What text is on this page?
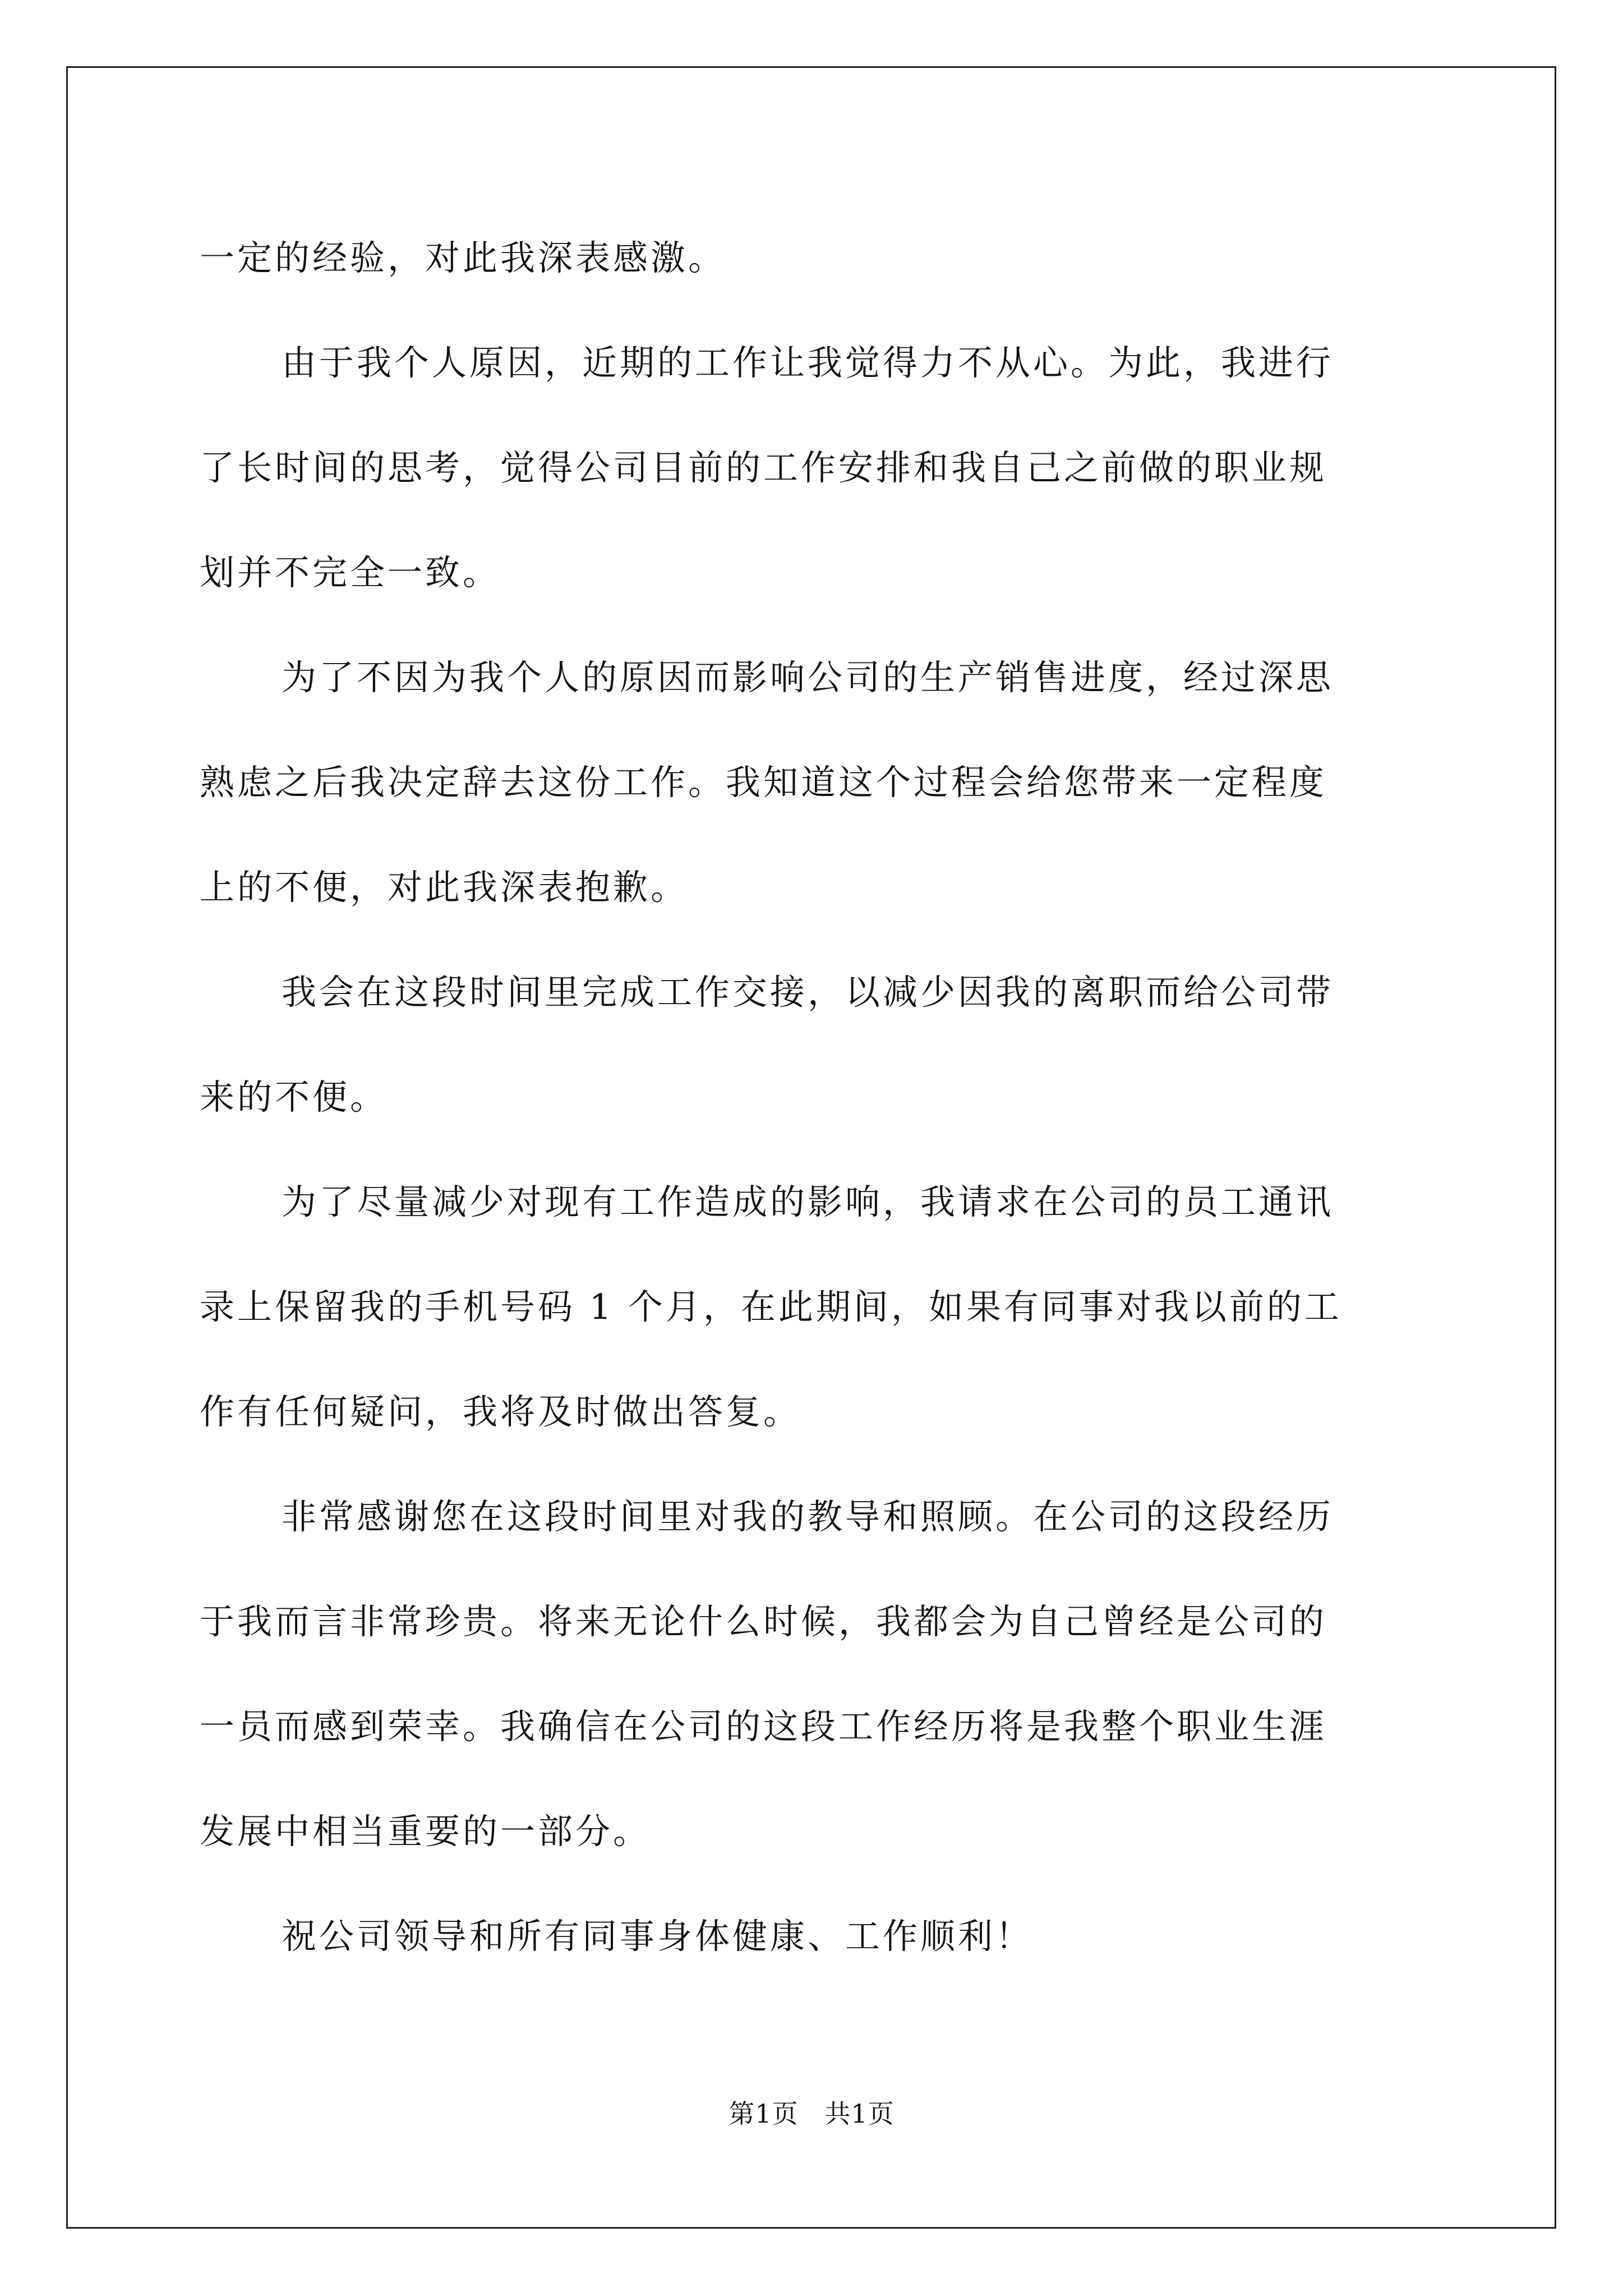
一定的经验，对此我深表感激。
由于我个人原因，近期的工作让我觉得力不从心。为此，我进行
了长时间的思考，觉得公司目前的工作安排和我自己之前做的职业规
划并不完全一致。
为了不因为我个人的原因而影响公司的生产销售进度，经过深思
熟虑之后我决定辞去这份工作。我知道这个过程会给您带来一定程度
上的不便，对此我深表抱歉。
我会在这段时间里完成工作交接，以减少因我的离职而给公司带
来的不便。
为了尽量减少对现有工作造成的影响，我请求在公司的员工通讯
录上保留我的手机号码 1 个月，在此期间，如果有同事对我以前的工
作有任何疑问，我将及时做出答复。
非常感谢您在这段时间里对我的教导和照顾。在公司的这段经历
于我而言非常珍贵。将来无论什么时候，我都会为自己曾经是公司的
一员而感到荣幸。我确信在公司的这段工作经历将是我整个职业生涯
发展中相当重要的一部分。
祝公司领导和所有同事身体健康、工作顺利！
第1页   共1页
